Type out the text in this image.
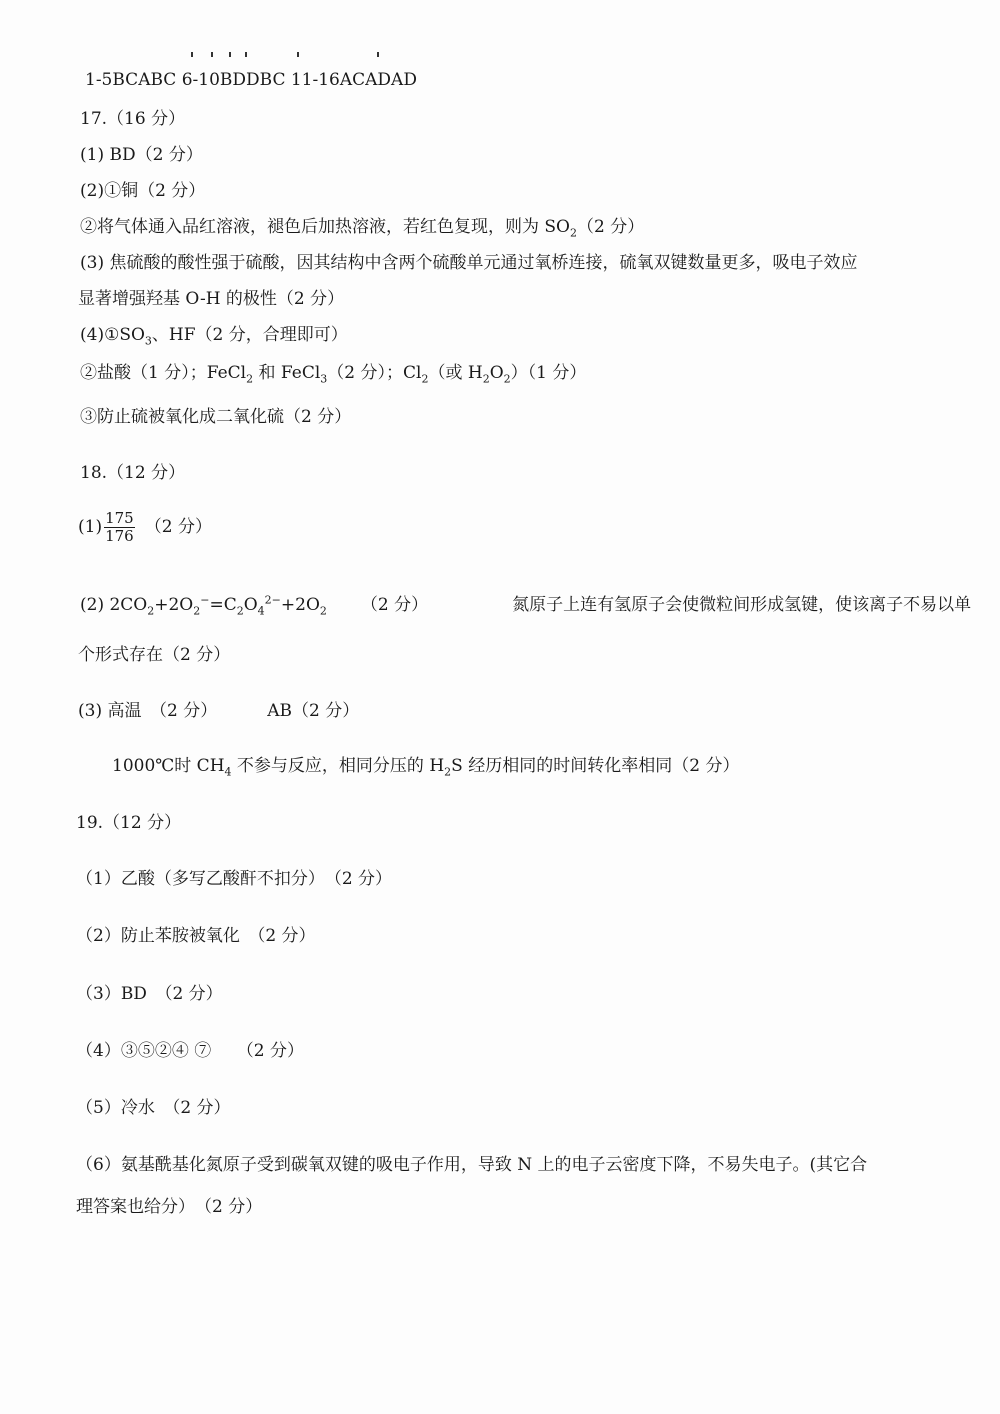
1-5BCABC 6-10BDDBC 11-16ACADAD
17.（16 分）
(1) BD（2 分）
(2)①铜（2 分）
②将气体通入品红溶液，褪色后加热溶液，若红色复现，则为 $SO_2(2$ 分）
(3) 焦硫酸的酸性强于硫酸，因其结构中含两个硫酸单元通过氧桥连接，硫氧双键数量更多，吸电子效应
显著增强羟基 O-H 的极性（2 分）
$(4)①SO_3$、HF（2 分，合理即可）
②盐酸（1 分）；FeCl$_2$ 和 FeCl$_3$（2 分）；$Cl_2$（或 $H_2O_2)(1$ 分）
③防止硫被氧化成二氧化硫（2 分）
18.（12 分）
$(1) \frac{175}{176} (2$ 分）
(2) $2CO_2+2O_2^-=C_2O_4^{2-}+2O_2$ （2 分）	氮原子上连有氢原子会使微粒间形成氢键，使该离子不易以单
个形式存在（2 分）
(3) 高温　（2 分）	AB（2 分）
1000℃时 $CH_4$ 不参与反应，相同分压的 $H_2S$ 经历相同的时间转化率相同（2 分）
19.（12 分）
（1）乙酸（多写乙酸酐不扣分）　（2 分）
（2）防止苯胺被氧化　（2 分）
（3）BD　（2 分）
（4）③⑤②④ ⑦　　（2 分）
（5）冷水　（2 分）
（6）氨基酰基化氮原子受到碳氧双键的吸电子作用，导致 N 上的电子云密度下降，不易失电子。(其它合
理答案也给分）　（2 分）
